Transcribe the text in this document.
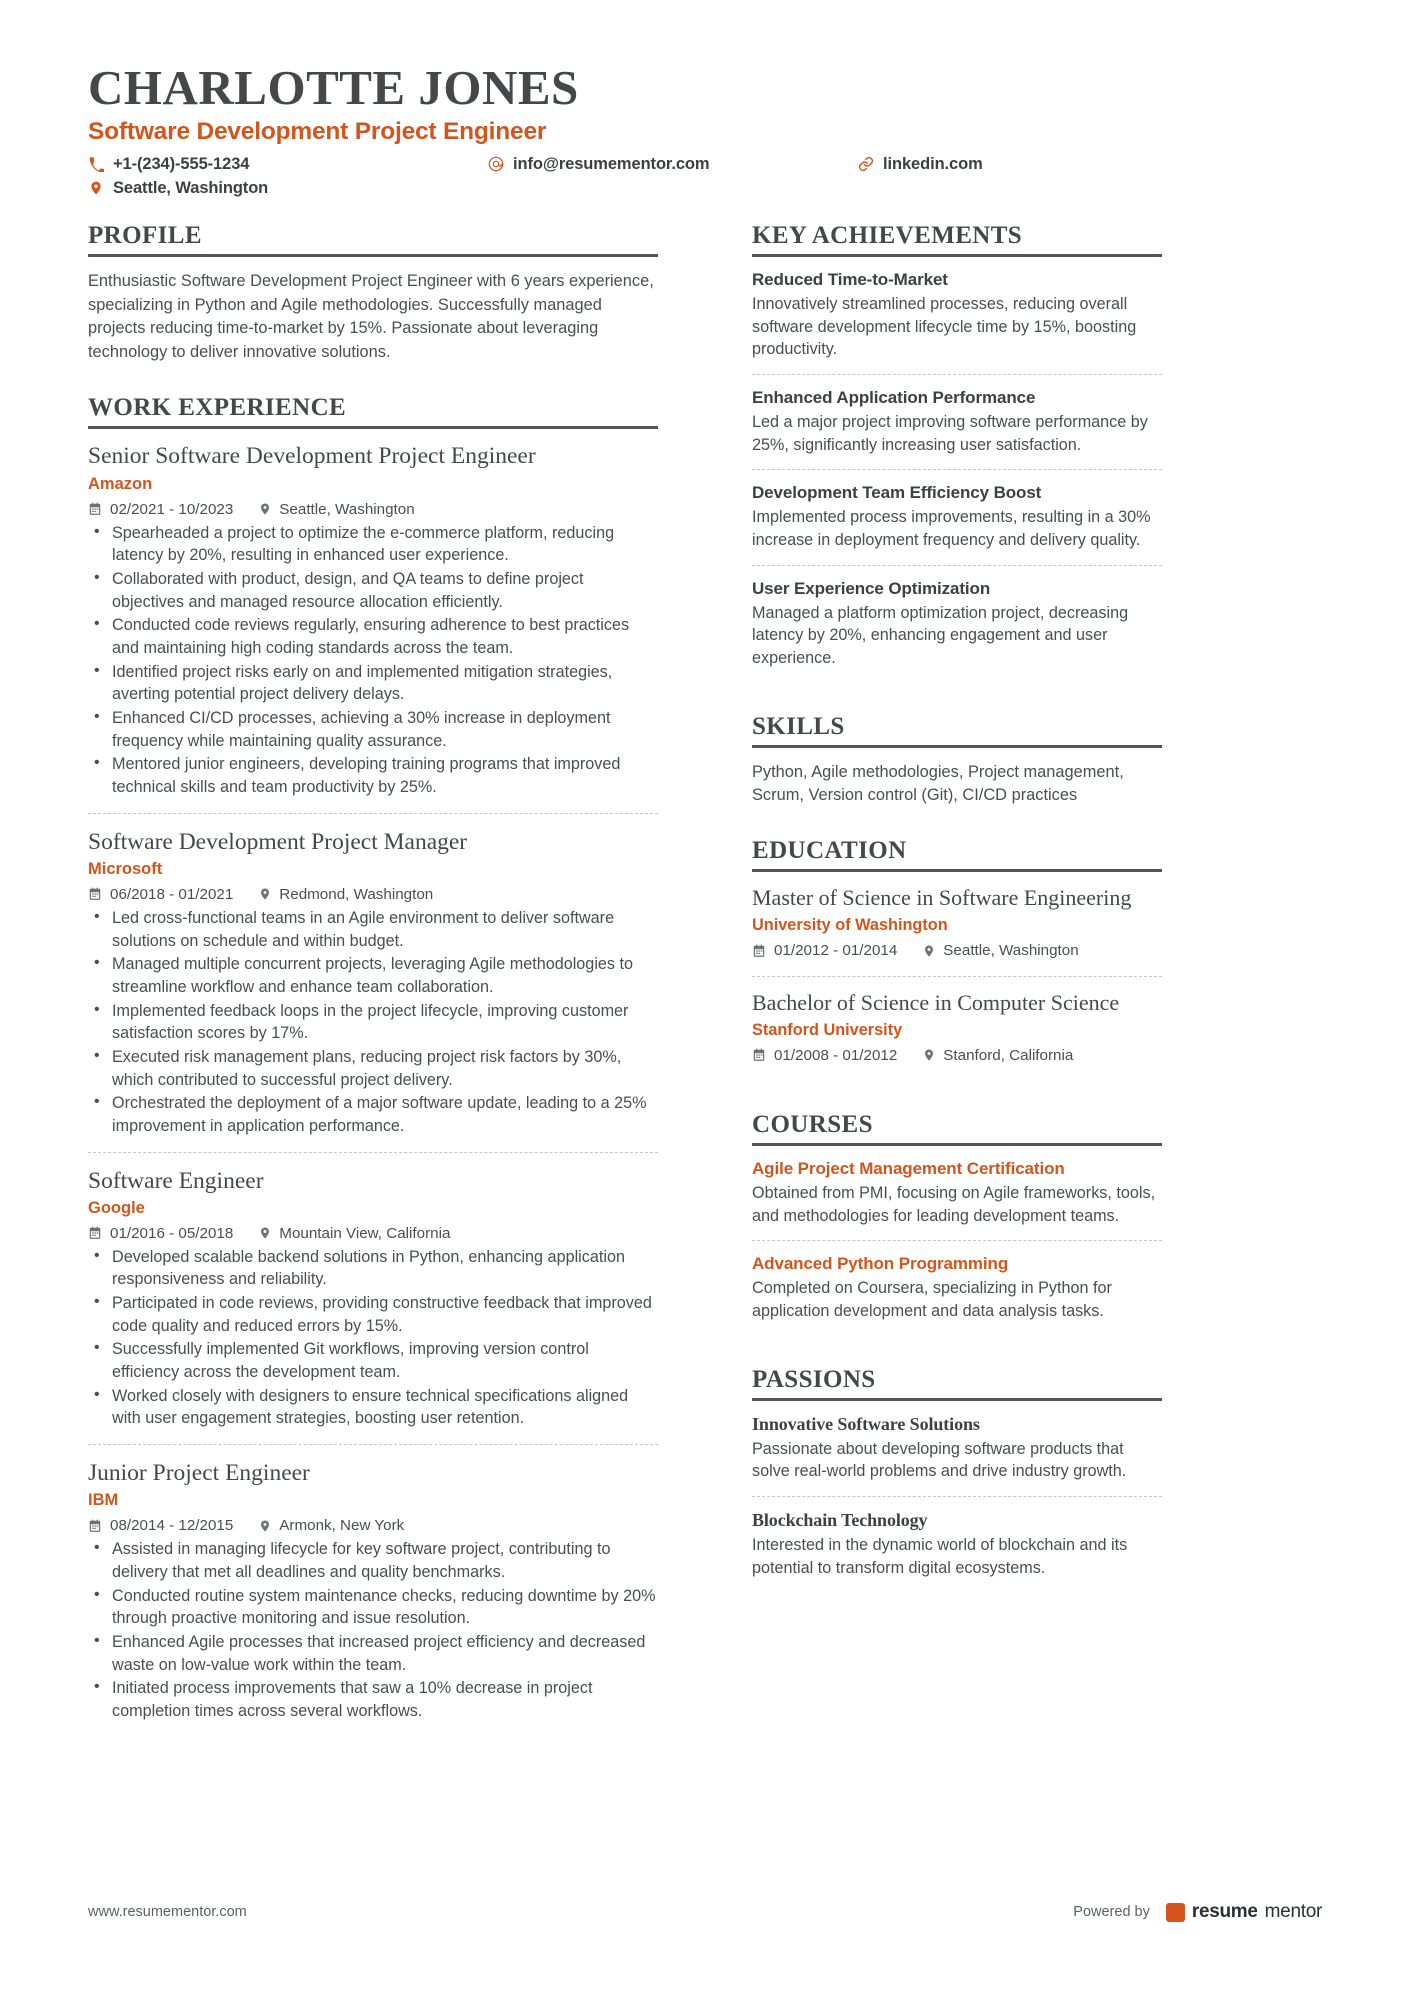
CHARLOTTE JONES
Software Development Project Engineer
+1-(234)-555-1234	info@resumementor.com	linkedin.com
Seattle, Washington
PROFILE
Enthusiastic Software Development Project Engineer with 6 years experience, specializing in Python and Agile methodologies. Successfully managed projects reducing time-to-market by 15%. Passionate about leveraging technology to deliver innovative solutions.
WORK EXPERIENCE
Senior Software Development Project Engineer
Amazon
02/2021 - 10/2023	Seattle, Washington
• Spearheaded a project to optimize the e-commerce platform, reducing latency by 20%, resulting in enhanced user experience.
• Collaborated with product, design, and QA teams to define project objectives and managed resource allocation efficiently.
• Conducted code reviews regularly, ensuring adherence to best practices and maintaining high coding standards across the team.
• Identified project risks early on and implemented mitigation strategies, averting potential project delivery delays.
• Enhanced CI/CD processes, achieving a 30% increase in deployment frequency while maintaining quality assurance.
• Mentored junior engineers, developing training programs that improved technical skills and team productivity by 25%.
Software Development Project Manager
Microsoft
06/2018 - 01/2021	Redmond, Washington
• Led cross-functional teams in an Agile environment to deliver software solutions on schedule and within budget.
• Managed multiple concurrent projects, leveraging Agile methodologies to streamline workflow and enhance team collaboration.
• Implemented feedback loops in the project lifecycle, improving customer satisfaction scores by 17%.
• Executed risk management plans, reducing project risk factors by 30%, which contributed to successful project delivery.
• Orchestrated the deployment of a major software update, leading to a 25% improvement in application performance.
Software Engineer
Google
01/2016 - 05/2018	Mountain View, California
• Developed scalable backend solutions in Python, enhancing application responsiveness and reliability.
• Participated in code reviews, providing constructive feedback that improved code quality and reduced errors by 15%.
• Successfully implemented Git workflows, improving version control efficiency across the development team.
• Worked closely with designers to ensure technical specifications aligned with user engagement strategies, boosting user retention.
Junior Project Engineer
IBM
08/2014 - 12/2015	Armonk, New York
• Assisted in managing lifecycle for key software project, contributing to delivery that met all deadlines and quality benchmarks.
• Conducted routine system maintenance checks, reducing downtime by 20% through proactive monitoring and issue resolution.
• Enhanced Agile processes that increased project efficiency and decreased waste on low-value work within the team.
• Initiated process improvements that saw a 10% decrease in project completion times across several workflows.
KEY ACHIEVEMENTS
Reduced Time-to-Market
Innovatively streamlined processes, reducing overall software development lifecycle time by 15%, boosting productivity.
Enhanced Application Performance
Led a major project improving software performance by 25%, significantly increasing user satisfaction.
Development Team Efficiency Boost
Implemented process improvements, resulting in a 30% increase in deployment frequency and delivery quality.
User Experience Optimization
Managed a platform optimization project, decreasing latency by 20%, enhancing engagement and user experience.
SKILLS
Python, Agile methodologies, Project management, Scrum, Version control (Git), CI/CD practices
EDUCATION
Master of Science in Software Engineering
University of Washington
01/2012 - 01/2014	Seattle, Washington
Bachelor of Science in Computer Science
Stanford University
01/2008 - 01/2012	Stanford, California
COURSES
Agile Project Management Certification
Obtained from PMI, focusing on Agile frameworks, tools, and methodologies for leading development teams.
Advanced Python Programming
Completed on Coursera, specializing in Python for application development and data analysis tasks.
PASSIONS
Innovative Software Solutions
Passionate about developing software products that solve real-world problems and drive industry growth.
Blockchain Technology
Interested in the dynamic world of blockchain and its potential to transform digital ecosystems.
www.resumementor.com	Powered by resume mentor
